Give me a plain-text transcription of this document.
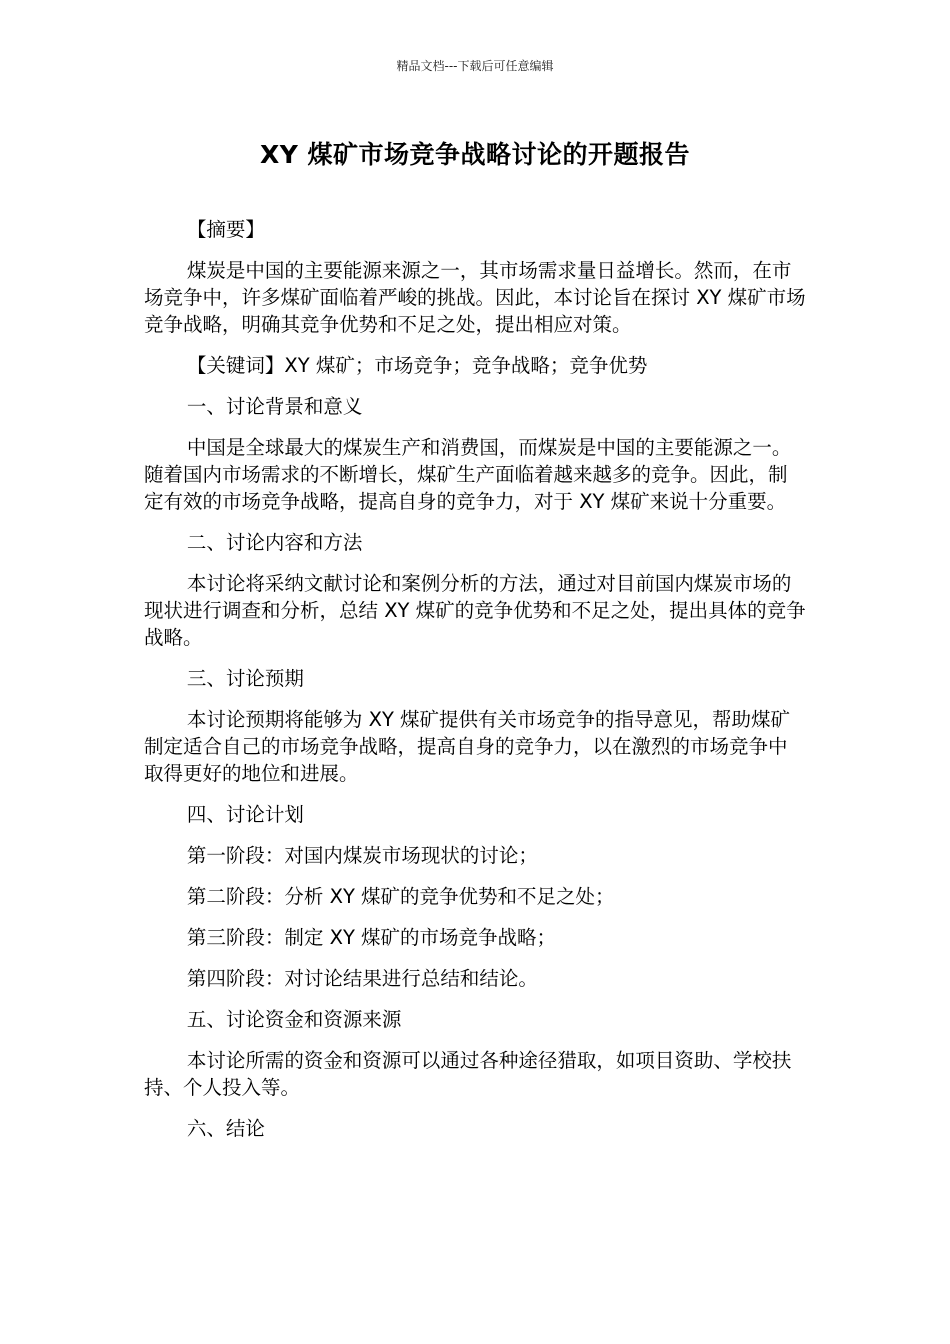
精品文档---下载后可任意编辑
XY 煤矿市场竞争战略讨论的开题报告

【摘要】

煤炭是中国的主要能源来源之一，其市场需求量日益增长。然而，在市场竞争中，许多煤矿面临着严峻的挑战。因此，本讨论旨在探讨 XY 煤矿市场竞争战略，明确其竞争优势和不足之处，提出相应对策。

【关键词】XY 煤矿；市场竞争；竞争战略；竞争优势

一、讨论背景和意义

中国是全球最大的煤炭生产和消费国，而煤炭是中国的主要能源之一。随着国内市场需求的不断增长，煤矿生产面临着越来越多的竞争。因此，制定有效的市场竞争战略，提高自身的竞争力，对于 XY 煤矿来说十分重要。

二、讨论内容和方法

本讨论将采纳文献讨论和案例分析的方法，通过对目前国内煤炭市场的现状进行调查和分析，总结 XY 煤矿的竞争优势和不足之处，提出具体的竞争战略。

三、讨论预期

本讨论预期将能够为 XY 煤矿提供有关市场竞争的指导意见，帮助煤矿制定适合自己的市场竞争战略，提高自身的竞争力，以在激烈的市场竞争中取得更好的地位和进展。

四、讨论计划

第一阶段：对国内煤炭市场现状的讨论；

第二阶段：分析 XY 煤矿的竞争优势和不足之处；

第三阶段：制定 XY 煤矿的市场竞争战略；

第四阶段：对讨论结果进行总结和结论。

五、讨论资金和资源来源

本讨论所需的资金和资源可以通过各种途径猎取，如项目资助、学校扶持、个人投入等。

六、结论
